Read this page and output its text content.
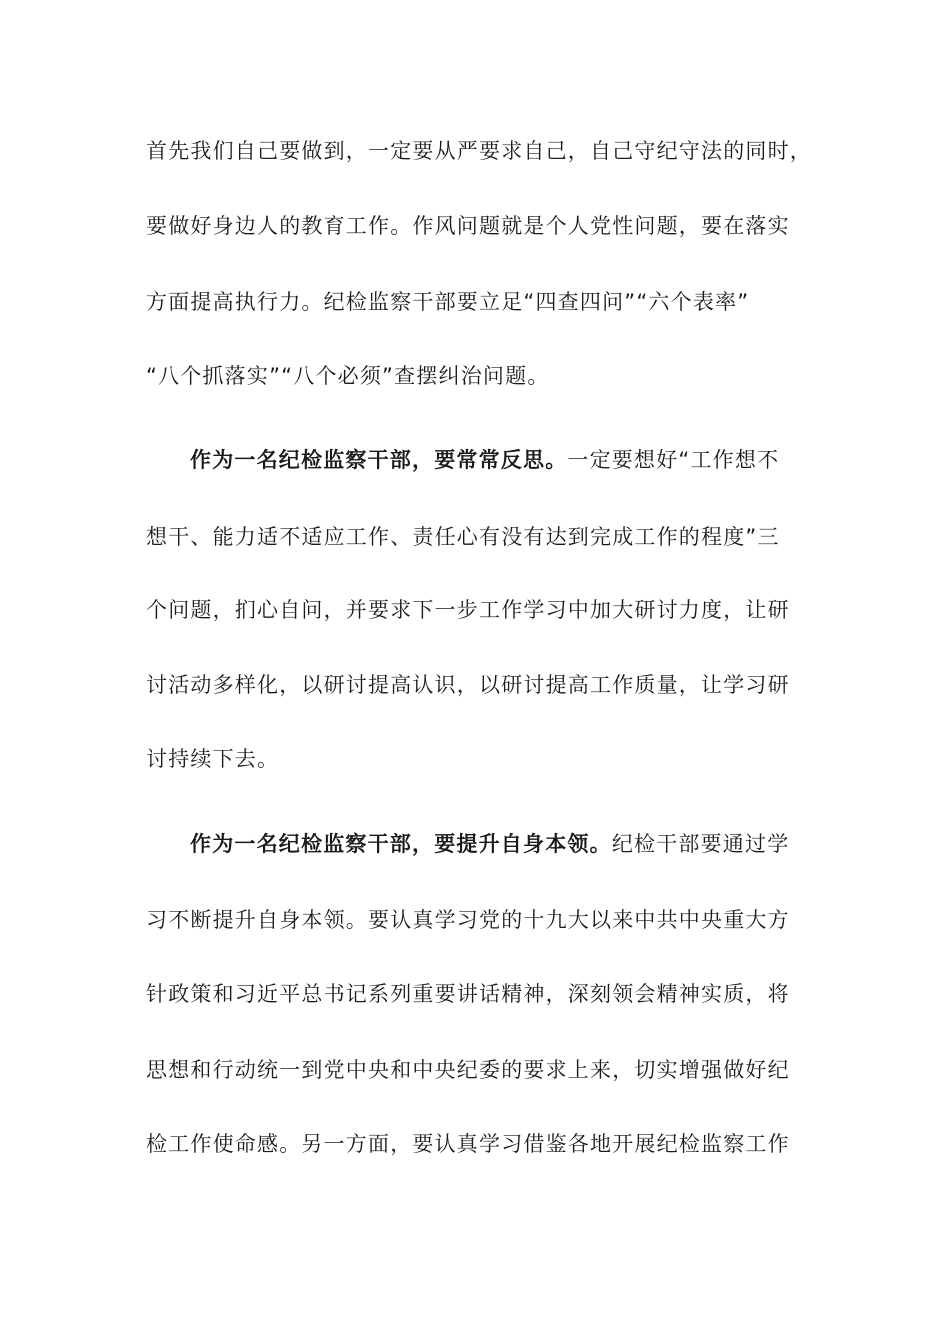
首先我们自己要做到，一定要从严要求自己，自己守纪守法的同时，
要做好身边人的教育工作。作风问题就是个人党性问题，要在落实
方面提高执行力。纪检监察干部要立足“四查四问”“六个表率”
“八个抓落实”“八个必须”查摆纠治问题。
作为一名纪检监察干部，要常常反思。一定要想好“工作想不
想干、能力适不适应工作、责任心有没有达到完成工作的程度”三
个问题，扪心自问，并要求下一步工作学习中加大研讨力度，让研
讨活动多样化，以研讨提高认识，以研讨提高工作质量，让学习研
讨持续下去。
作为一名纪检监察干部，要提升自身本领。纪检干部要通过学
习不断提升自身本领。要认真学习党的十九大以来中共中央重大方
针政策和习近平总书记系列重要讲话精神，深刻领会精神实质，将
思想和行动统一到党中央和中央纪委的要求上来，切实增强做好纪
检工作使命感。另一方面，要认真学习借鉴各地开展纪检监察工作
